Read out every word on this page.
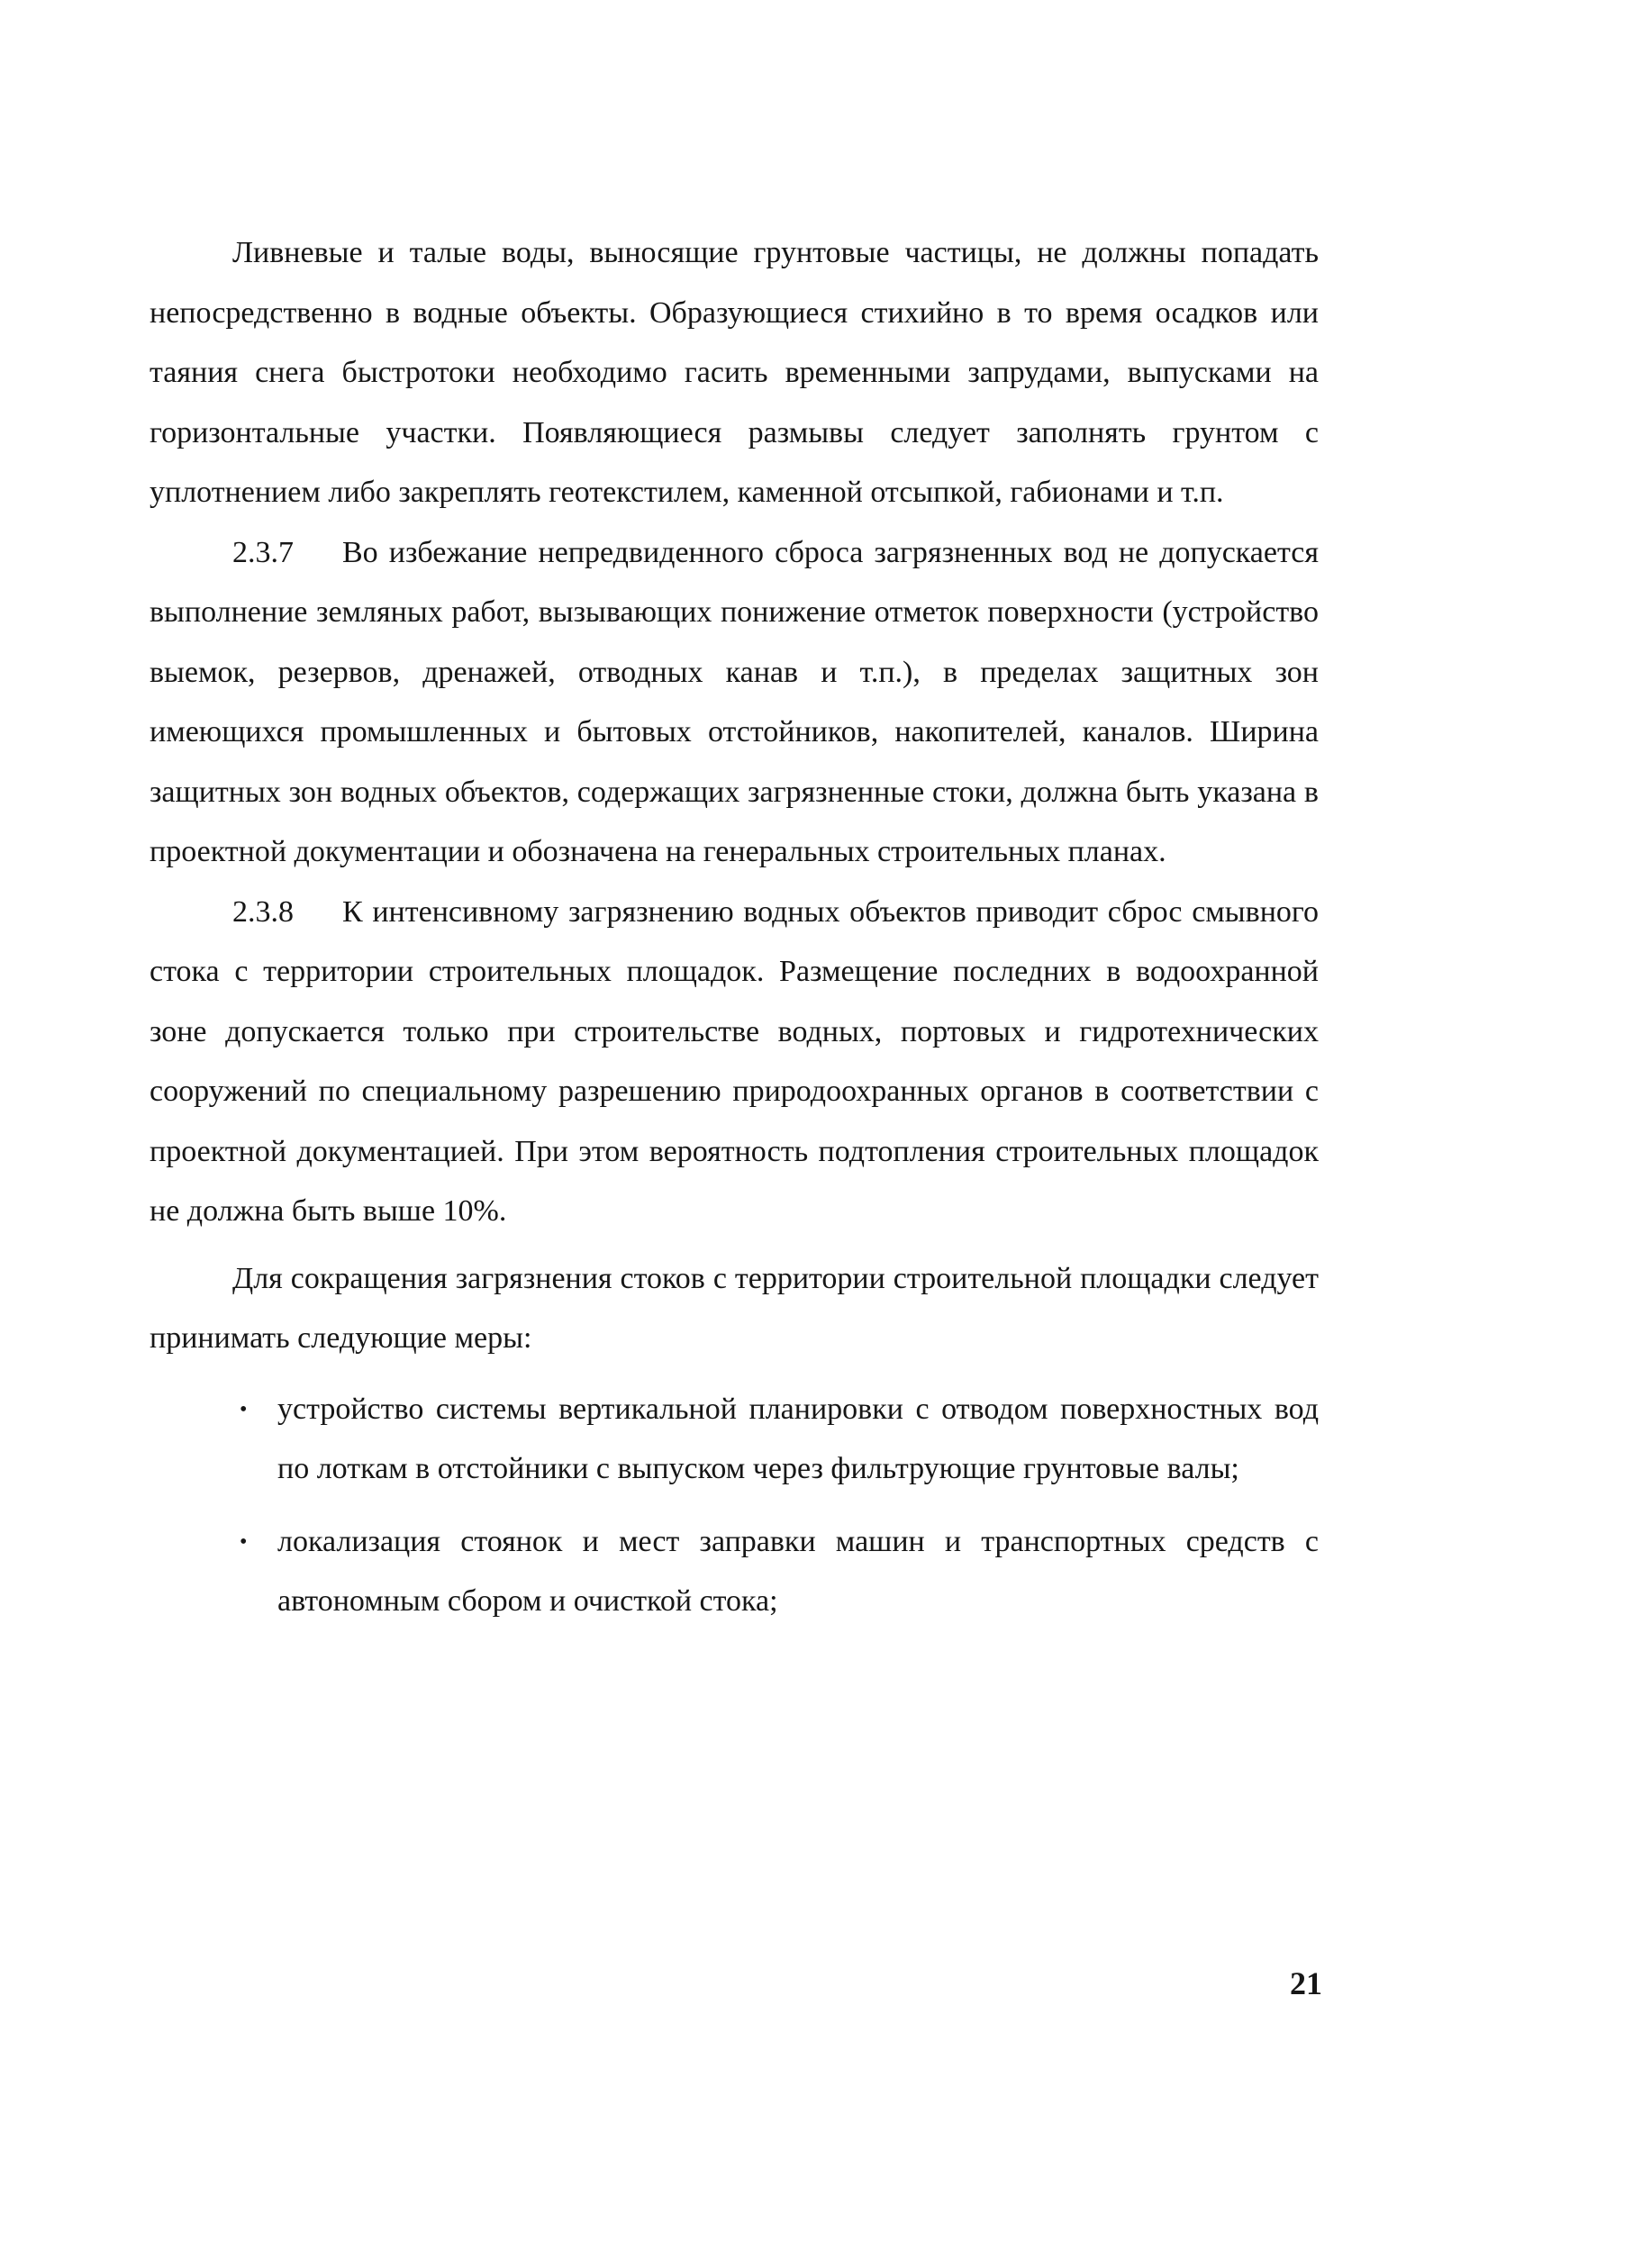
Ливневые и талые воды, выносящие грунтовые частицы, не должны попадать непосредственно в водные объекты. Образующиеся стихийно в то время осадков или таяния снега быстротоки необходимо гасить временными запрудами, выпусками на горизонтальные участки. Появляющиеся размывы следует заполнять грунтом с уплотнением либо закреплять геотекстилем, каменной отсыпкой, габионами и т.п.

2.3.7 Во избежание непредвиденного сброса загрязненных вод не допускается выполнение земляных работ, вызывающих понижение отметок поверхности (устройство выемок, резервов, дренажей, отводных канав и т.п.), в пределах защитных зон имеющихся промышленных и бытовых отстойников, накопителей, каналов. Ширина защитных зон водных объектов, содержащих загрязненные стоки, должна быть указана в проектной документации и обозначена на генеральных строительных планах.

2.3.8 К интенсивному загрязнению водных объектов приводит сброс смывного стока с территории строительных площадок. Размещение последних в водоохранной зоне допускается только при строительстве водных, портовых и гидротехнических сооружений по специальному разрешению природоохранных органов в соответствии с проектной документацией. При этом вероятность подтопления строительных площадок не должна быть выше 10%.

Для сокращения загрязнения стоков с территории строительной площадки следует принимать следующие меры:

• устройство системы вертикальной планировки с отводом поверхностных вод по лоткам в отстойники с выпуском через фильтрующие грунтовые валы;
• локализация стоянок и мест заправки машин и транспортных средств с автономным сбором и очисткой стока;
21
